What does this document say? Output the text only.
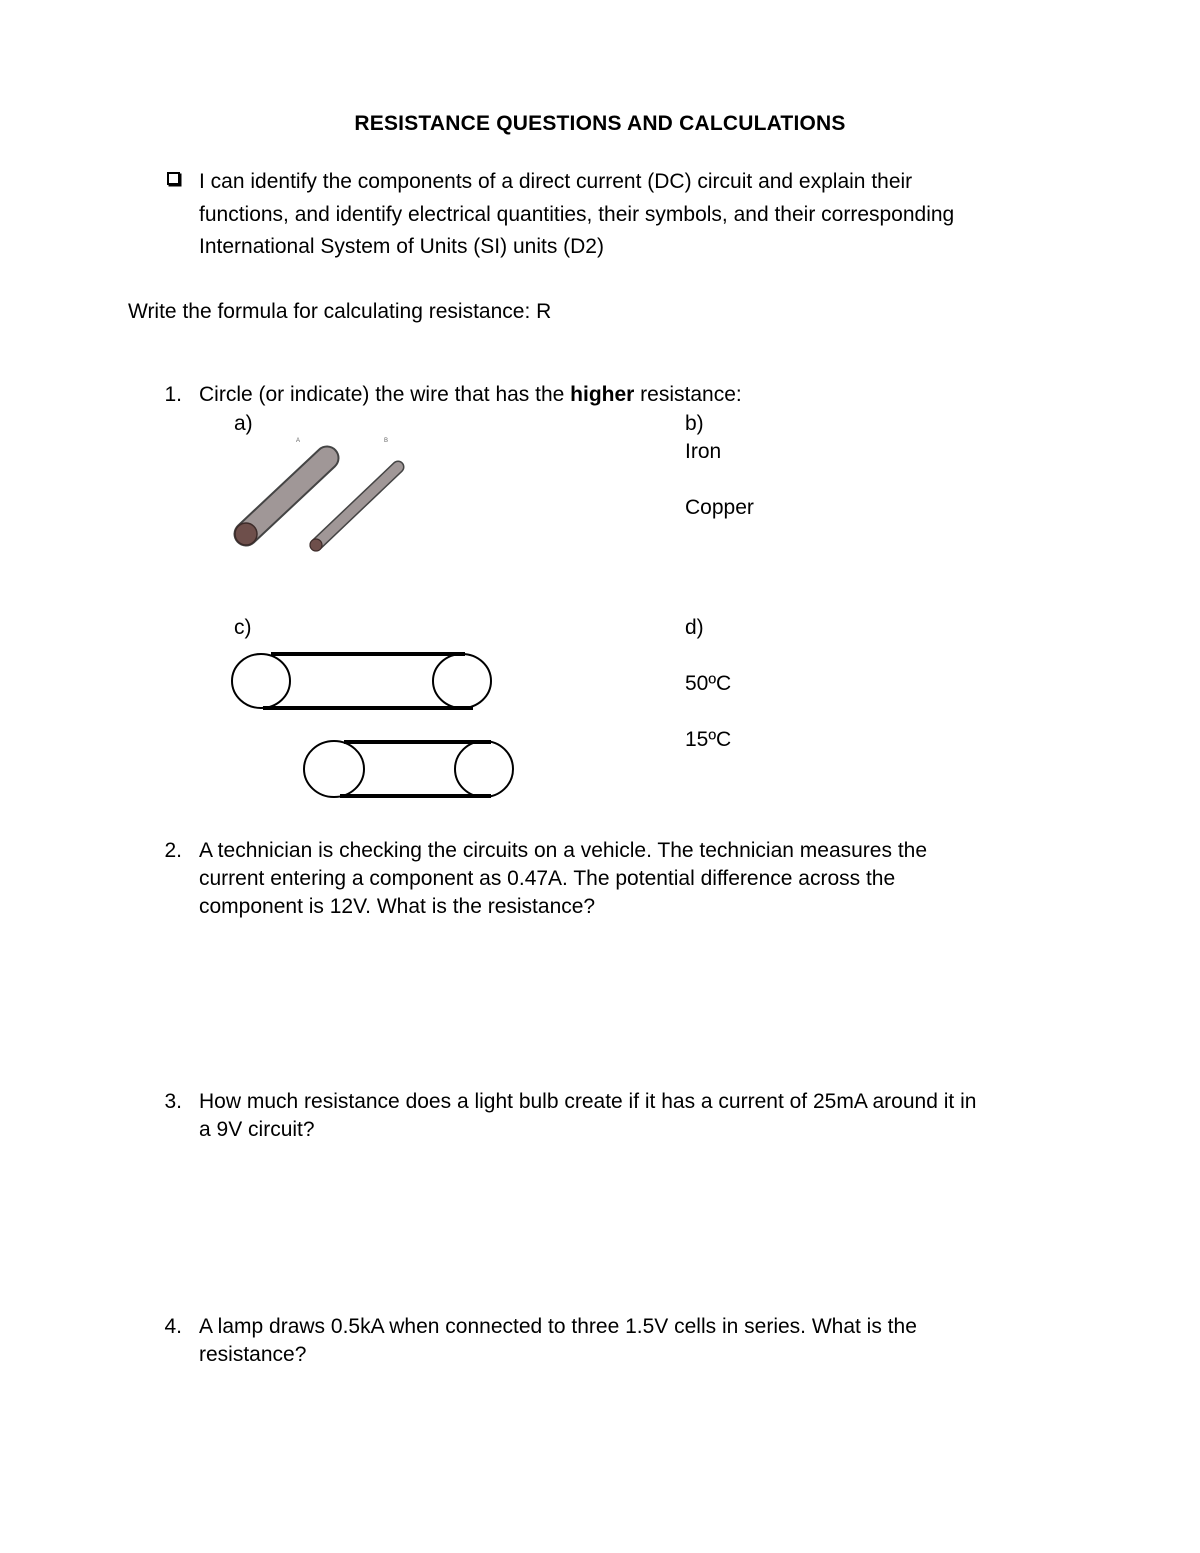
RESISTANCE QUESTIONS AND CALCULATIONS
I can identify the components of a direct current (DC) circuit and explain their
functions, and identify electrical quantities, their symbols, and their corresponding
International System of Units (SI) units (D2)
Write the formula for calculating resistance: R
1. Circle (or indicate) the wire that has the higher resistance:
a)	b)
Iron
Copper
A	B
c)	d)
50ºC
15ºC
2. A technician is checking the circuits on a vehicle. The technician measures the
current entering a component as 0.47A. The potential difference across the
component is 12V. What is the resistance?
3. How much resistance does a light bulb create if it has a current of 25mA around it in
a 9V circuit?
4. A lamp draws 0.5kA when connected to three 1.5V cells in series. What is the
resistance?
